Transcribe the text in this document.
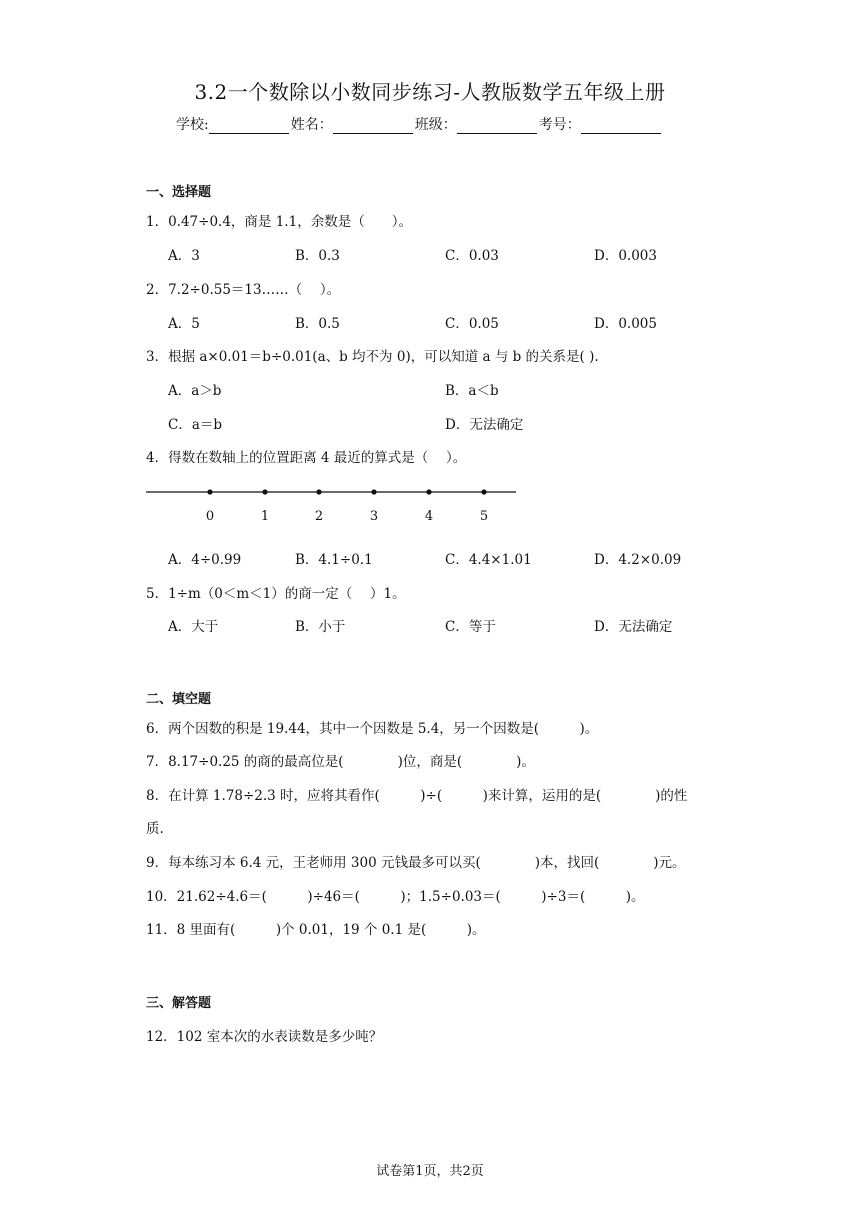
3.2一个数除以小数同步练习-人教版数学五年级上册
学校:	姓名：	班级：	考号：
一、选择题
1．0.47÷0.4，商是 1.1，余数是（　　）。
A．3	B．0.3	C．0.03	D．0.003
2．7.2÷0.55＝13……（　 ）。
A．5	B．0.5	C．0.05	D．0.005
3．根据 a×0.01＝b÷0.01(a、b 均不为 0)，可以知道 a 与 b 的关系是( ).
A．a＞b	B．a＜b
C．a＝b	D．无法确定
4．得数在数轴上的位置距离 4 最近的算式是（　 ）。
0	1	2	3	4	5
A．4÷0.99	B．4.1÷0.1	C．4.4×1.01	D．4.2×0.09
5．1÷m（0＜m＜1）的商一定（　 ）1。
A．大于	B．小于	C．等于	D．无法确定
二、填空题
6．两个因数的积是 19.44，其中一个因数是 5.4，另一个因数是(　　　)。
7．8.17÷0.25 的商的最高位是(　　　　)位，商是(　　　　)。
8．在计算 1.78÷2.3 时，应将其看作(　　　)÷(　　　)来计算，运用的是(　　　　)的性
质.
9．每本练习本 6.4 元，王老师用 300 元钱最多可以买(　　　　)本，找回(　　　　)元。
10．21.62÷4.6＝(　　　)÷46＝(　　　)；1.5÷0.03＝(　　　)÷3＝(　　　)。
11．8 里面有(　　　)个 0.01，19 个 0.1 是(　　　)。
三、解答题
12．102 室本次的水表读数是多少吨？
试卷第1页，共2页
